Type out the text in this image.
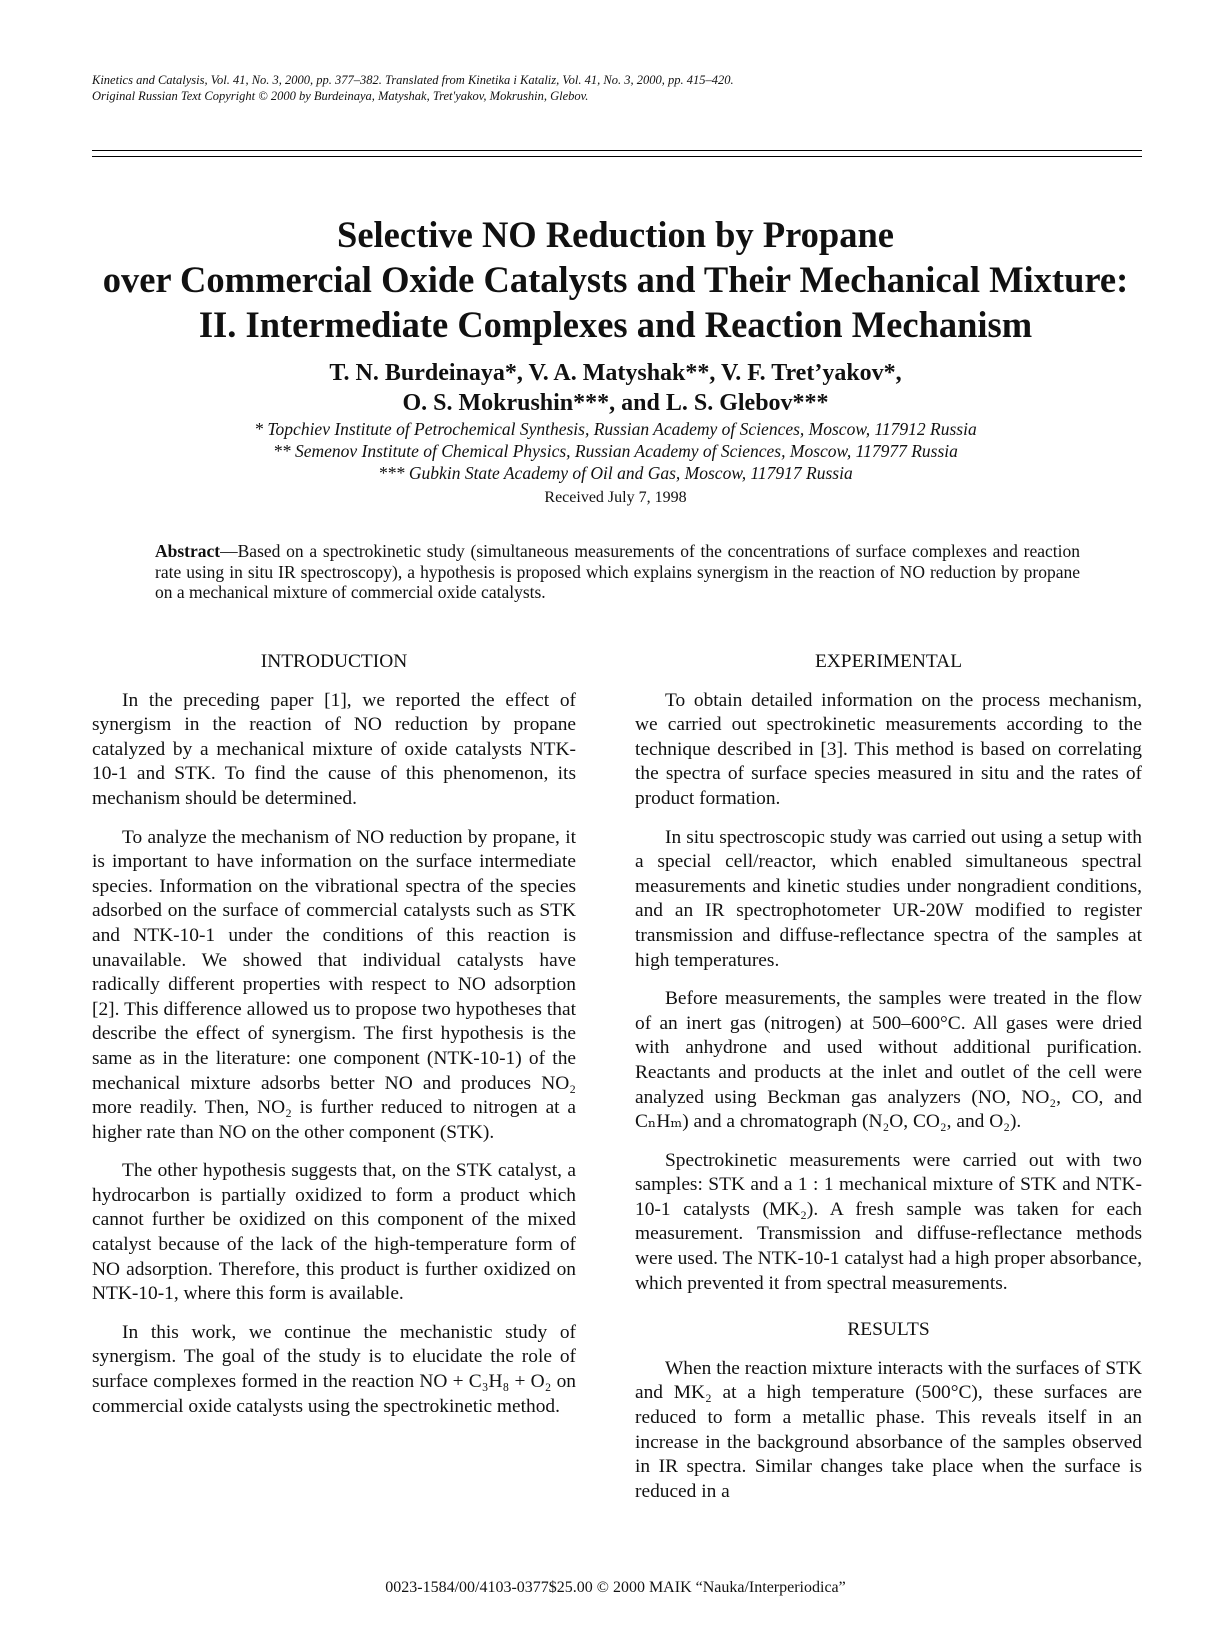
Kinetics and Catalysis, Vol. 41, No. 3, 2000, pp. 377–382. Translated from Kinetika i Kataliz, Vol. 41, No. 3, 2000, pp. 415–420.
Original Russian Text Copyright © 2000 by Burdeinaya, Matyshak, Tret'yakov, Mokrushin, Glebov.
Selective NO Reduction by Propane
over Commercial Oxide Catalysts and Their Mechanical Mixture:
II. Intermediate Complexes and Reaction Mechanism
T. N. Burdeinaya*, V. A. Matyshak**, V. F. Tret’yakov*,
O. S. Mokrushin***, and L. S. Glebov***
* Topchiev Institute of Petrochemical Synthesis, Russian Academy of Sciences, Moscow, 117912 Russia
** Semenov Institute of Chemical Physics, Russian Academy of Sciences, Moscow, 117977 Russia
*** Gubkin State Academy of Oil and Gas, Moscow, 117917 Russia
Received July 7, 1998
Abstract—Based on a spectrokinetic study (simultaneous measurements of the concentrations of surface complexes and reaction rate using in situ IR spectroscopy), a hypothesis is proposed which explains synergism in the reaction of NO reduction by propane on a mechanical mixture of commercial oxide catalysts.
INTRODUCTION

In the preceding paper [1], we reported the effect of synergism in the reaction of NO reduction by propane catalyzed by a mechanical mixture of oxide catalysts NTK-10-1 and STK. To find the cause of this phenomenon, its mechanism should be determined.

To analyze the mechanism of NO reduction by propane, it is important to have information on the surface intermediate species. Information on the vibrational spectra of the species adsorbed on the surface of commercial catalysts such as STK and NTK-10-1 under the conditions of this reaction is unavailable. We showed that individual catalysts have radically different properties with respect to NO adsorption [2]. This difference allowed us to propose two hypotheses that describe the effect of synergism. The first hypothesis is the same as in the literature: one component (NTK-10-1) of the mechanical mixture adsorbs better NO and produces NO₂ more readily. Then, NO₂ is further reduced to nitrogen at a higher rate than NO on the other component (STK).

The other hypothesis suggests that, on the STK catalyst, a hydrocarbon is partially oxidized to form a product which cannot further be oxidized on this component of the mixed catalyst because of the lack of the high-temperature form of NO adsorption. Therefore, this product is further oxidized on NTK-10-1, where this form is available.

In this work, we continue the mechanistic study of synergism. The goal of the study is to elucidate the role of surface complexes formed in the reaction NO + C₃H₈ + O₂ on commercial oxide catalysts using the spectrokinetic method.

EXPERIMENTAL

To obtain detailed information on the process mechanism, we carried out spectrokinetic measurements according to the technique described in [3]. This method is based on correlating the spectra of surface species measured in situ and the rates of product formation.

In situ spectroscopic study was carried out using a setup with a special cell/reactor, which enabled simultaneous spectral measurements and kinetic studies under nongradient conditions, and an IR spectrophotometer UR-20W modified to register transmission and diffuse-reflectance spectra of the samples at high temperatures.

Before measurements, the samples were treated in the flow of an inert gas (nitrogen) at 500–600°C. All gases were dried with anhydrone and used without additional purification. Reactants and products at the inlet and outlet of the cell were analyzed using Beckman gas analyzers (NO, NO₂, CO, and CₙHₘ) and a chromatograph (N₂O, CO₂, and O₂).

Spectrokinetic measurements were carried out with two samples: STK and a 1 : 1 mechanical mixture of STK and NTK-10-1 catalysts (MK₂). A fresh sample was taken for each measurement. Transmission and diffuse-reflectance methods were used. The NTK-10-1 catalyst had a high proper absorbance, which prevented it from spectral measurements.

RESULTS

When the reaction mixture interacts with the surfaces of STK and MK₂ at a high temperature (500°C), these surfaces are reduced to form a metallic phase. This reveals itself in an increase in the background absorbance of the samples observed in IR spectra. Similar changes take place when the surface is reduced in a

0023-1584/00/4103-0377$25.00 © 2000 MAIK “Nauka/Interperiodica”
